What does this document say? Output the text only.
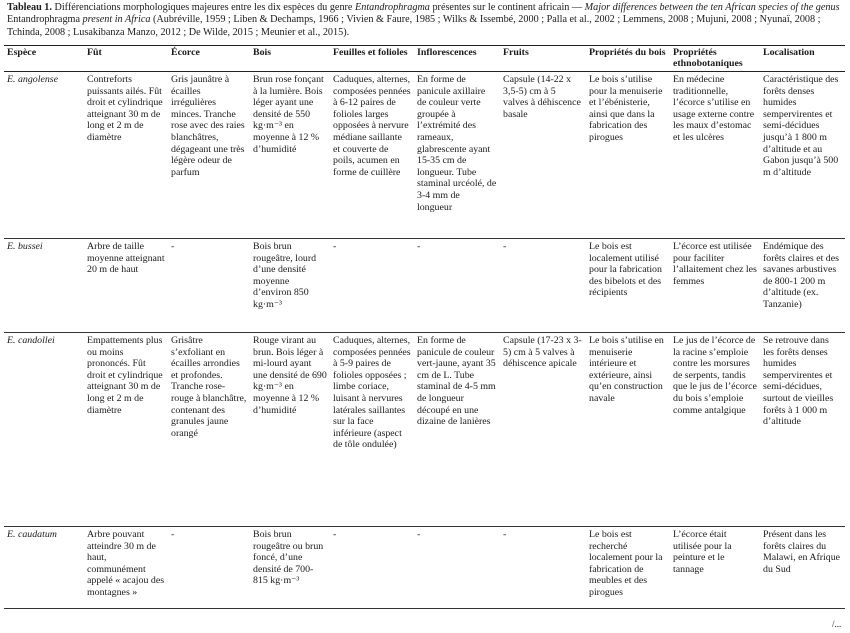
Tableau 1. Différenciations morphologiques majeures entre les dix espèces du genre Entandrophragma présentes sur le continent africain — Major differences between the ten African species of the genus Entandrophragma present in Africa (Aubréville, 1959 ; Liben & Dechamps, 1966 ; Vivien & Faure, 1985 ; Wilks & Issembé, 2000 ; Palla et al., 2002 ; Lemmens, 2008 ; Mujuni, 2008 ; Nyunaï, 2008 ; Tchinda, 2008 ; Lusakibanza Manzo, 2012 ; De Wilde, 2015 ; Meunier et al., 2015).
Espèce	Fût	Écorce	Bois	Feuilles et folioles	Inflorescences	Fruits	Propriétés du bois	Propriétés ethnobotaniques	Localisation
E. angolense	Contreforts puissants ailés. Fût droit et cylindrique atteignant 30 m de long et 2 m de diamètre	Gris jaunâtre à écailles irrégulières minces. Tranche rose avec des raies blanchâtres, dégageant une très légère odeur de parfum	Brun rose fonçant à la lumière. Bois léger ayant une densité de 550 kg·m⁻³ en moyenne à 12 % d’humidité	Caduques, alternes, composées pennées à 6-12 paires de folioles larges opposées à nervure médiane saillante et couverte de poils, acumen en forme de cuillère	En forme de panicule axillaire de couleur verte groupée à l’extrémité des rameaux, glabrescente ayant 15-35 cm de longueur. Tube staminal urcéolé, de 3-4 mm de longueur	Capsule (14-22 x 3,5-5) cm à 5 valves à déhiscence basale	Le bois s’utilise pour la menuiserie et l’ébénisterie, ainsi que dans la fabrication des pirogues	En médecine traditionnelle, l’écorce s’utilise en usage externe contre les maux d’estomac et les ulcères	Caractéristique des forêts denses humides sempervirentes et semi-décidues jusqu’à 1 800 m d’altitude et au Gabon jusqu’à 500 m d’altitude
E. bussei	Arbre de taille moyenne atteignant 20 m de haut	-	Bois brun rougeâtre, lourd d’une densité moyenne d’environ 850 kg·m⁻³	-	-	-	Le bois est localement utilisé pour la fabrication des bibelots et des récipients	L’écorce est utilisée pour faciliter l’allaitement chez les femmes	Endémique des forêts claires et des savanes arbustives de 800-1 200 m d’altitude (ex. Tanzanie)
E. candollei	Empattements plus ou moins prononcés. Fût droit et cylindrique atteignant 30 m de long et 2 m de diamètre	Grisâtre s’exfoliant en écailles arrondies et profondes. Tranche rose-rouge à blanchâtre, contenant des granules jaune orangé	Rouge virant au brun. Bois léger à mi-lourd ayant une densité de 690 kg·m⁻³ en moyenne à 12 % d’humidité	Caduques, alternes, composées pennées à 5-9 paires de folioles opposées ; limbe coriace, luisant à nervures latérales saillantes sur la face inférieure (aspect de tôle ondulée)	En forme de panicule de couleur vert-jaune, ayant 35 cm de L. Tube staminal de 4-5 mm de longueur découpé en une dizaine de lanières	Capsule (17-23 x 3-5) cm à 5 valves à déhiscence apicale	Le bois s’utilise en menuiserie intérieure et extérieure, ainsi qu’en construction navale	Le jus de l’écorce de la racine s’emploie contre les morsures de serpents, tandis que le jus de l’écorce du bois s’emploie comme antalgique	Se retrouve dans les forêts denses humides sempervirentes et semi-décidues, surtout de vieilles forêts à 1 000 m d’altitude
E. caudatum	Arbre pouvant atteindre 30 m de haut, communément appelé « acajou des montagnes »	-	Bois brun rougeâtre ou brun foncé, d’une densité de 700-815 kg·m⁻³	-	-	-	Le bois est recherché localement pour la fabrication de meubles et des pirogues	L’écorce était utilisée pour la peinture et le tannage	Présent dans les forêts claires du Malawi, en Afrique du Sud
/...
